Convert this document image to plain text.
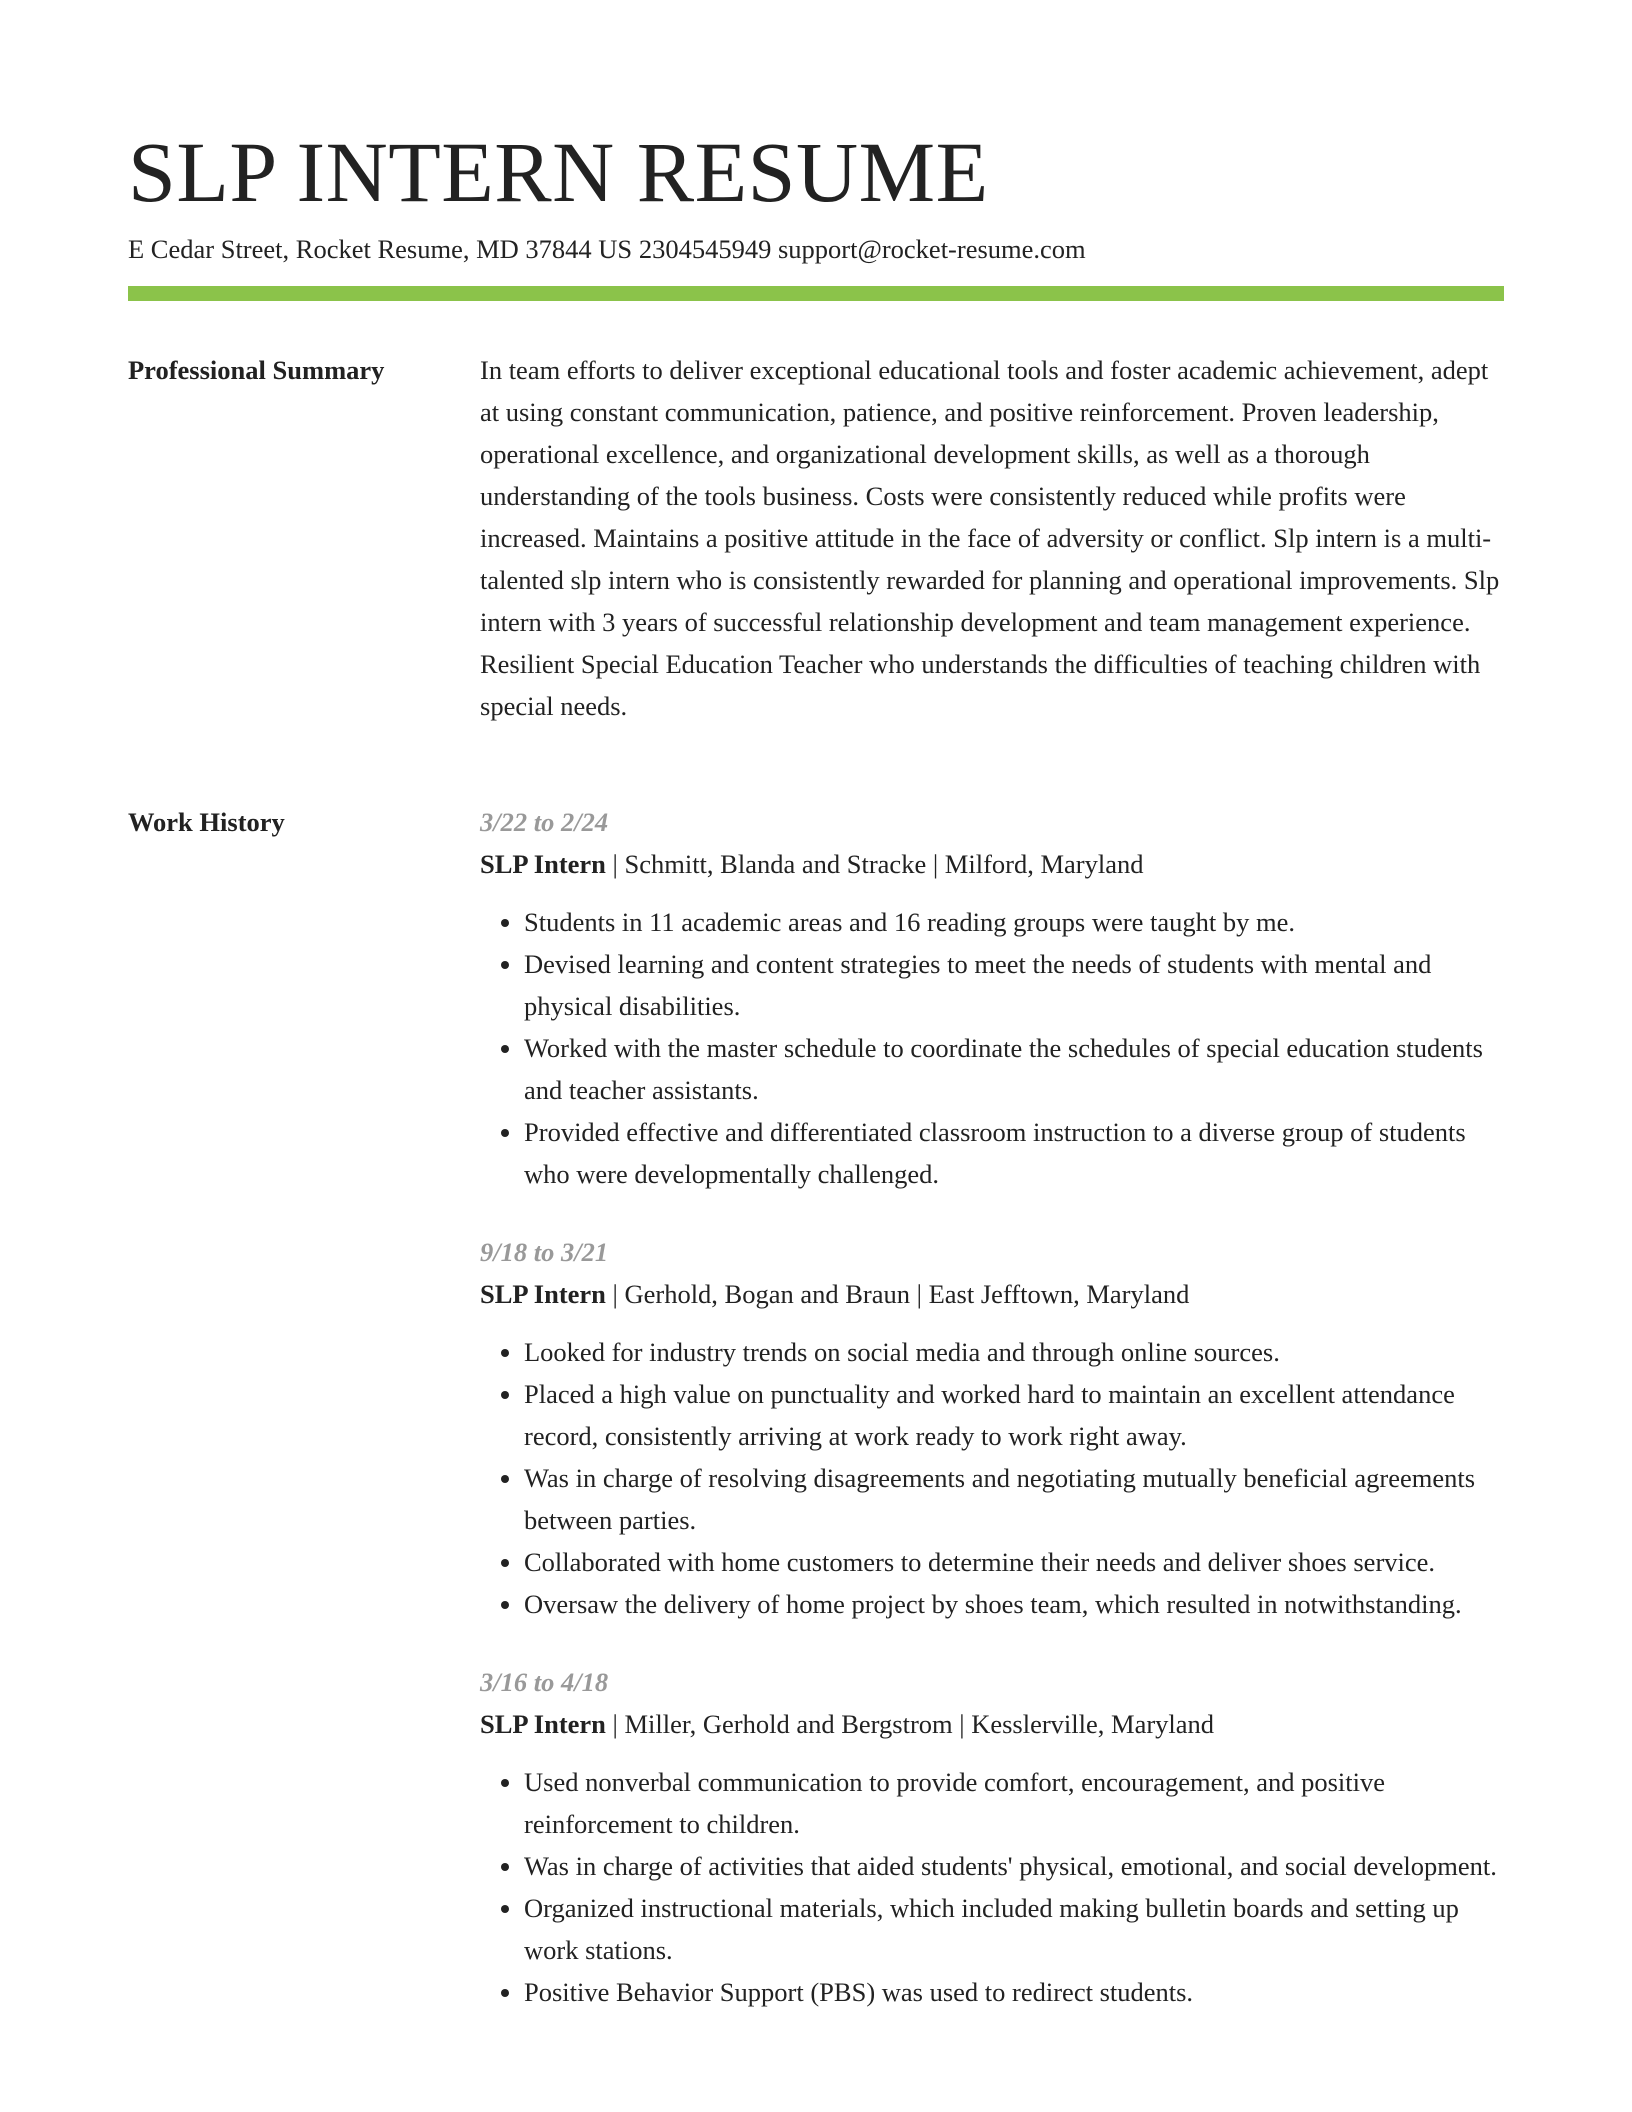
SLP INTERN RESUME
E Cedar Street, Rocket Resume, MD 37844 US 2304545949 support@rocket-resume.com
Professional Summary	In team efforts to deliver exceptional educational tools and foster academic achievement, adept at using constant communication, patience, and positive reinforcement. Proven leadership, operational excellence, and organizational development skills, as well as a thorough understanding of the tools business. Costs were consistently reduced while profits were increased. Maintains a positive attitude in the face of adversity or conflict. Slp intern is a multi-talented slp intern who is consistently rewarded for planning and operational improvements. Slp intern with 3 years of successful relationship development and team management experience. Resilient Special Education Teacher who understands the difficulties of teaching children with special needs.

Work History	3/22 to 2/24
SLP Intern | Schmitt, Blanda and Stracke | Milford, Maryland
• Students in 11 academic areas and 16 reading groups were taught by me.
• Devised learning and content strategies to meet the needs of students with mental and physical disabilities.
• Worked with the master schedule to coordinate the schedules of special education students and teacher assistants.
• Provided effective and differentiated classroom instruction to a diverse group of students who were developmentally challenged.
9/18 to 3/21
SLP Intern | Gerhold, Bogan and Braun | East Jefftown, Maryland
• Looked for industry trends on social media and through online sources.
• Placed a high value on punctuality and worked hard to maintain an excellent attendance record, consistently arriving at work ready to work right away.
• Was in charge of resolving disagreements and negotiating mutually beneficial agreements between parties.
• Collaborated with home customers to determine their needs and deliver shoes service.
• Oversaw the delivery of home project by shoes team, which resulted in notwithstanding.
3/16 to 4/18
SLP Intern | Miller, Gerhold and Bergstrom | Kesslerville, Maryland
• Used nonverbal communication to provide comfort, encouragement, and positive reinforcement to children.
• Was in charge of activities that aided students' physical, emotional, and social development.
• Organized instructional materials, which included making bulletin boards and setting up work stations.
• Positive Behavior Support (PBS) was used to redirect students.
